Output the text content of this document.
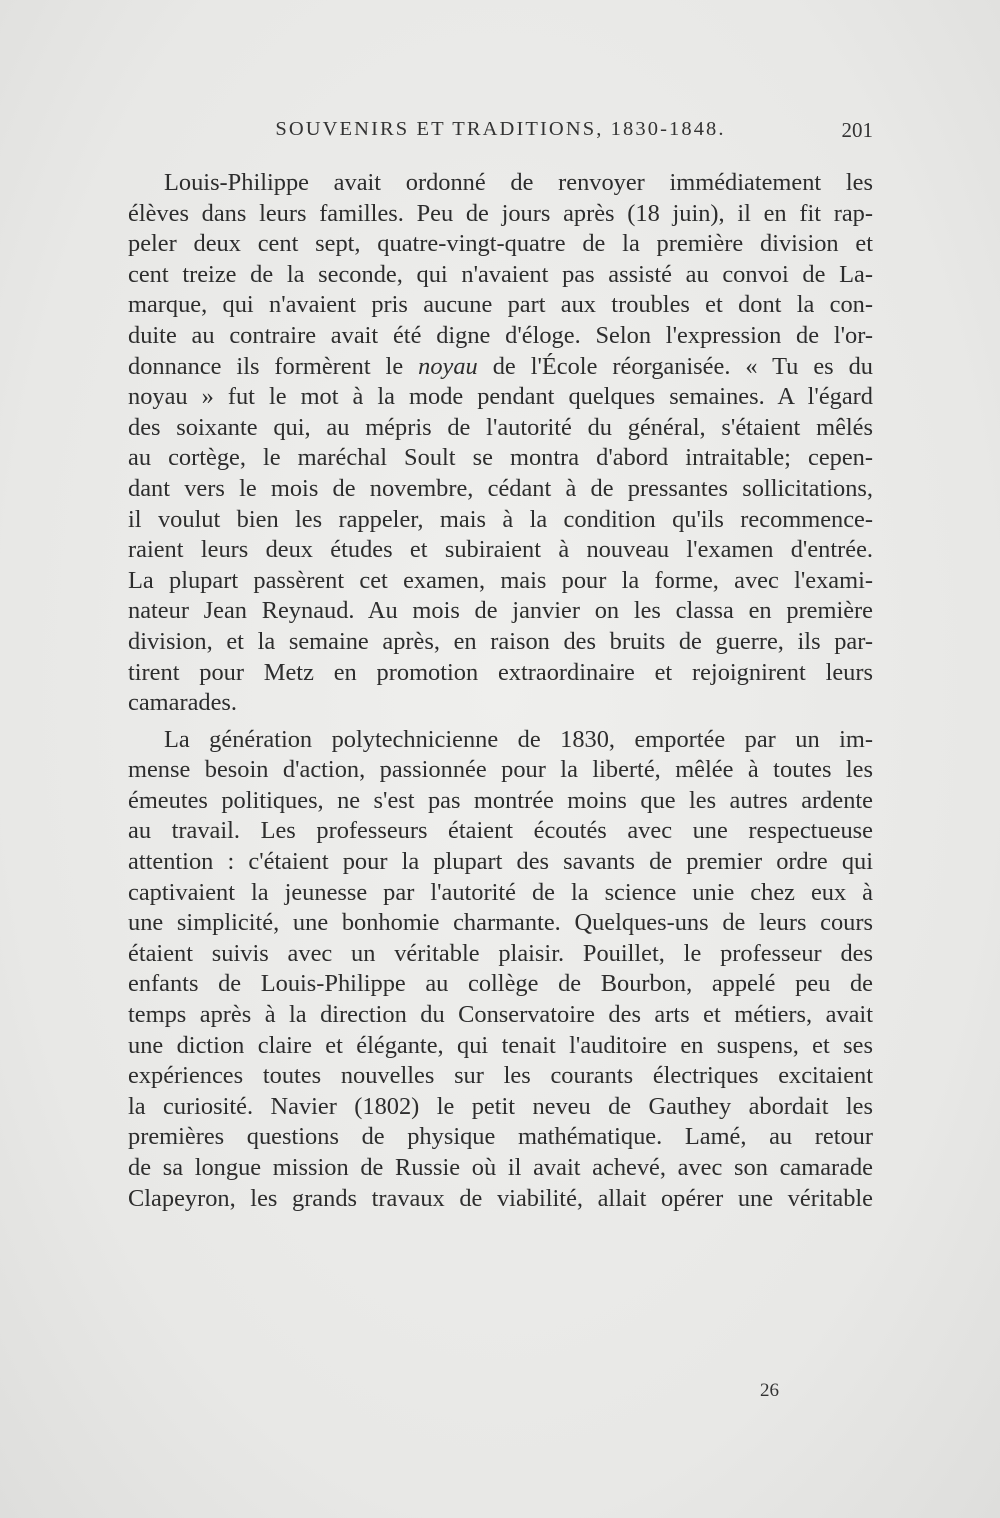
SOUVENIRS ET TRADITIONS, 1830-1848.	201

Louis-Philippe avait ordonné de renvoyer immédiatement les
élèves dans leurs familles. Peu de jours après (18 juin), il en fit rap-
peler deux cent sept, quatre-vingt-quatre de la première division et
cent treize de la seconde, qui n'avaient pas assisté au convoi de La-
marque, qui n'avaient pris aucune part aux troubles et dont la con-
duite au contraire avait été digne d'éloge. Selon l'expression de l'or-
donnance ils formèrent le noyau de l'École réorganisée. « Tu es du
noyau » fut le mot à la mode pendant quelques semaines. A l'égard
des soixante qui, au mépris de l'autorité du général, s'étaient mêlés
au cortège, le maréchal Soult se montra d'abord intraitable; cepen-
dant vers le mois de novembre, cédant à de pressantes sollicitations,
il voulut bien les rappeler, mais à la condition qu'ils recommence-
raient leurs deux études et subiraient à nouveau l'examen d'entrée.
La plupart passèrent cet examen, mais pour la forme, avec l'exami-
nateur Jean Reynaud. Au mois de janvier on les classa en première
division, et la semaine après, en raison des bruits de guerre, ils par-
tirent pour Metz en promotion extraordinaire et rejoignirent leurs
camarades.

La génération polytechnicienne de 1830, emportée par un im-
mense besoin d'action, passionnée pour la liberté, mêlée à toutes les
émeutes politiques, ne s'est pas montrée moins que les autres ardente
au travail. Les professeurs étaient écoutés avec une respectueuse
attention : c'étaient pour la plupart des savants de premier ordre qui
captivaient la jeunesse par l'autorité de la science unie chez eux à
une simplicité, une bonhomie charmante. Quelques-uns de leurs cours
étaient suivis avec un véritable plaisir. Pouillet, le professeur des
enfants de Louis-Philippe au collège de Bourbon, appelé peu de
temps après à la direction du Conservatoire des arts et métiers, avait
une diction claire et élégante, qui tenait l'auditoire en suspens, et ses
expériences toutes nouvelles sur les courants électriques excitaient
la curiosité. Navier (1802) le petit neveu de Gauthey abordait les
premières questions de physique mathématique. Lamé, au retour
de sa longue mission de Russie où il avait achevé, avec son camarade
Clapeyron, les grands travaux de viabilité, allait opérer une véritable

26
